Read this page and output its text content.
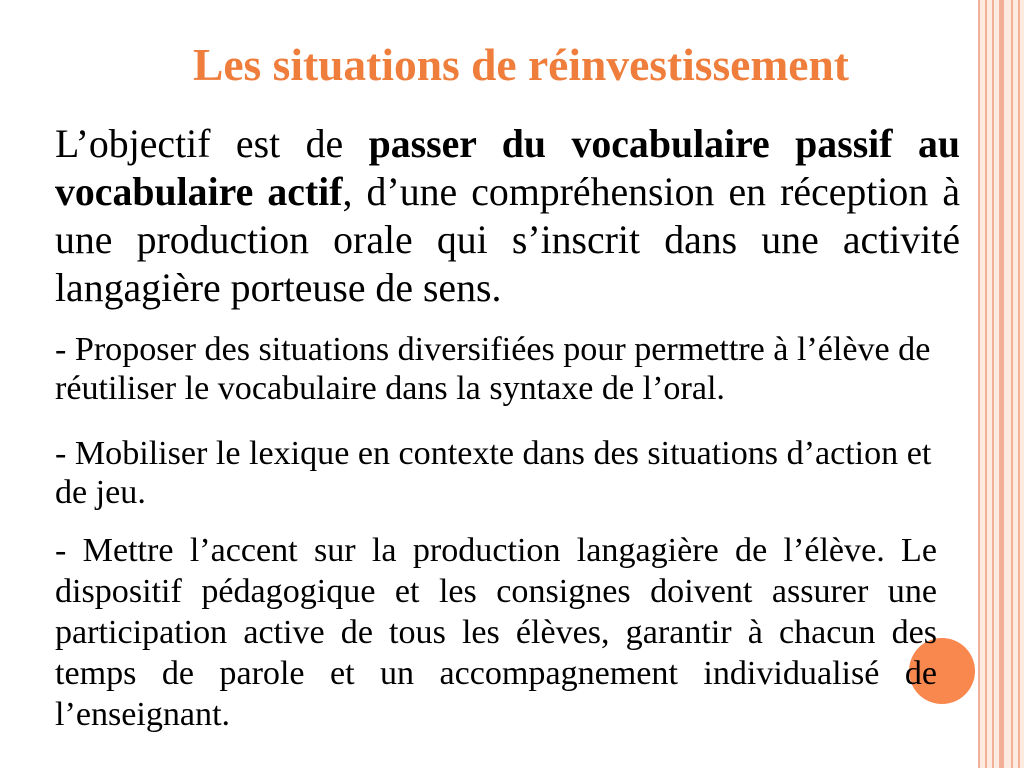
Les situations de réinvestissement

L’objectif est de passer du vocabulaire passif au vocabulaire actif, d’une compréhension en réception à une production orale qui s’inscrit dans une activité langagière porteuse de sens.

- Proposer des situations diversifiées pour permettre à l’élève de réutiliser le vocabulaire dans la syntaxe de l’oral.

- Mobiliser le lexique en contexte dans des situations d’action et de jeu.

- Mettre l’accent sur la production langagière de l’élève. Le dispositif pédagogique et les consignes doivent assurer une participation active de tous les élèves, garantir à chacun des temps de parole et un accompagnement individualisé de l’enseignant.
